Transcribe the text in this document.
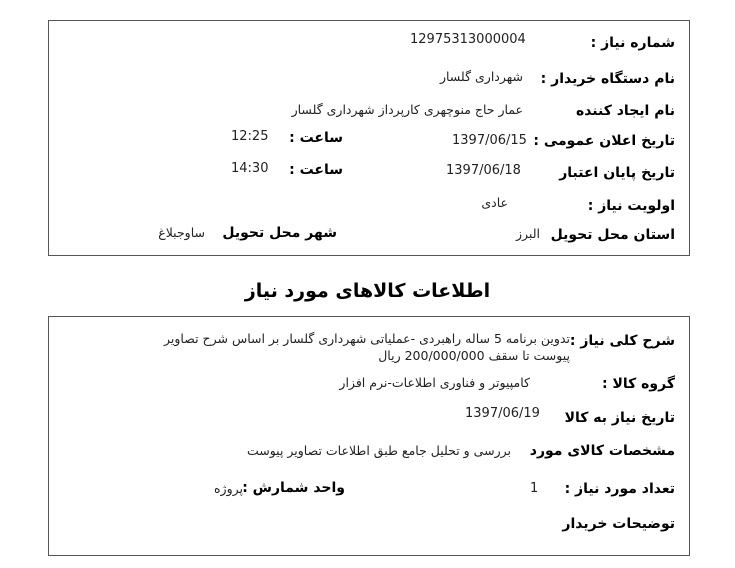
شماره نیاز :
12975313000004
نام دستگاه خریدار :
شهرداری گلسار
نام ایجاد کننده
عمار حاج منوچهری کارپرداز شهرداری گلسار
تاریخ اعلان عمومی :
1397/06/15
ساعت :
12:25
تاریخ پایان اعتبار
1397/06/18
ساعت :
14:30
اولویت نیاز :
عادی
استان محل تحویل
البرز
شهر محل تحویل
ساوجبلاغ
اطلاعات کالاهای مورد نیاز
شرح کلی نیاز :
تدوین برنامه 5 ساله راهبردی -عملیاتی شهرداری گلسار بر اساس شرح تصاویر
پیوست تا سقف 200/000/000 ریال
گروه کالا :
کامپیوتر و فناوری اطلاعات-نرم افزار
تاریخ نیاز به کالا
1397/06/19
مشخصات کالای مورد
بررسی و تحلیل جامع طبق اطلاعات تصاویر پیوست
تعداد مورد نیاز :
1
واحد شمارش :
پروژه
توضیحات خریدار
